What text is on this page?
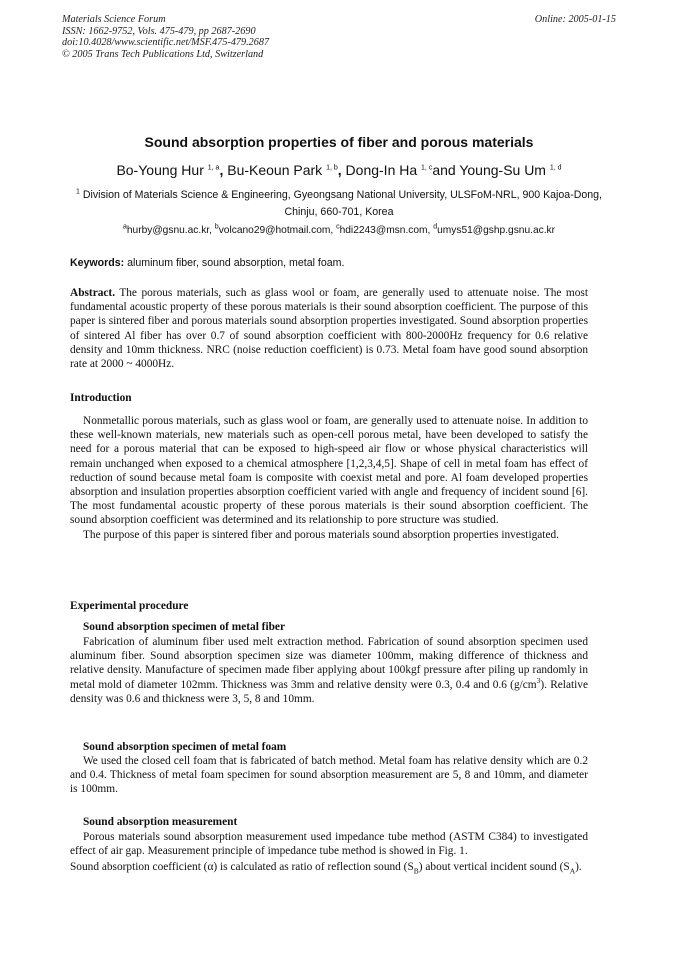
Materials Science Forum
ISSN: 1662-9752, Vols. 475-479, pp 2687-2690
doi:10.4028/www.scientific.net/MSF.475-479.2687
© 2005 Trans Tech Publications Ltd, Switzerland
Online: 2005-01-15
Sound absorption properties of fiber and porous materials
Bo-Young Hur $^{1, a}$, Bu-Keoun Park $^{1, b}$, Dong-In Ha $^{1, c}$and Young-Su Um $^{1, d}$
$^1$ Division of Materials Science & Engineering, Gyeongsang National University, ULSFoM-NRL, 900 Kajoa-Dong, Chinju, 660-701, Korea
$^a$hurby@gsnu.ac.kr, $^b$volcano29@hotmail.com, $^c$hdi2243@msn.com, $^d$umys51@gshp.gsnu.ac.kr
Keywords: aluminum fiber, sound absorption, metal foam.

Abstract. The porous materials, such as glass wool or foam, are generally used to attenuate noise. The most fundamental acoustic property of these porous materials is their sound absorption coefficient. The purpose of this paper is sintered fiber and porous materials sound absorption properties investigated. Sound absorption properties of sintered Al fiber has over 0.7 of sound absorption coefficient with 800-2000Hz frequency for 0.6 relative density and 10mm thickness. NRC (noise reduction coefficient) is 0.73. Metal foam have good sound absorption rate at 2000 ~ 4000Hz.

Introduction

Nonmetallic porous materials, such as glass wool or foam, are generally used to attenuate noise. In addition to these well-known materials, new materials such as open-cell porous metal, have been developed to satisfy the need for a porous material that can be exposed to high-speed air flow or whose physical characteristics will remain unchanged when exposed to a chemical atmosphere [1,2,3,4,5]. Shape of cell in metal foam has effect of reduction of sound because metal foam is composite with coexist metal and pore. Al foam developed properties absorption and insulation properties absorption coefficient varied with angle and frequency of incident sound [6]. The most fundamental acoustic property of these porous materials is their sound absorption coefficient. The sound absorption coefficient was determined and its relationship to pore structure was studied.

The purpose of this paper is sintered fiber and porous materials sound absorption properties investigated.

Experimental procedure
Sound absorption specimen of metal fiber

Fabrication of aluminum fiber used melt extraction method. Fabrication of sound absorption specimen used aluminum fiber. Sound absorption specimen size was diameter 100mm, making difference of thickness and relative density. Manufacture of specimen made fiber applying about 100kgf pressure after piling up randomly in metal mold of diameter 102mm. Thickness was 3mm and relative density were 0.3, 0.4 and 0.6 $(g/cm^3)$. Relative density was 0.6 and thickness were 3, 5, 8 and 10mm.

Sound absorption specimen of metal foam

We used the closed cell foam that is fabricated of batch method. Metal foam has relative density which are 0.2 and 0.4. Thickness of metal foam specimen for sound absorption measurement are 5, 8 and 10mm, and diameter is 100mm.

Sound absorption measurement

Porous materials sound absorption measurement used impedance tube method (ASTM C384) to investigated effect of air gap. Measurement principle of impedance tube method is showed in Fig. 1.

Sound absorption coefficient (α) is calculated as ratio of reflection sound $(S_B)$ about vertical incident sound $(S_A)$.
